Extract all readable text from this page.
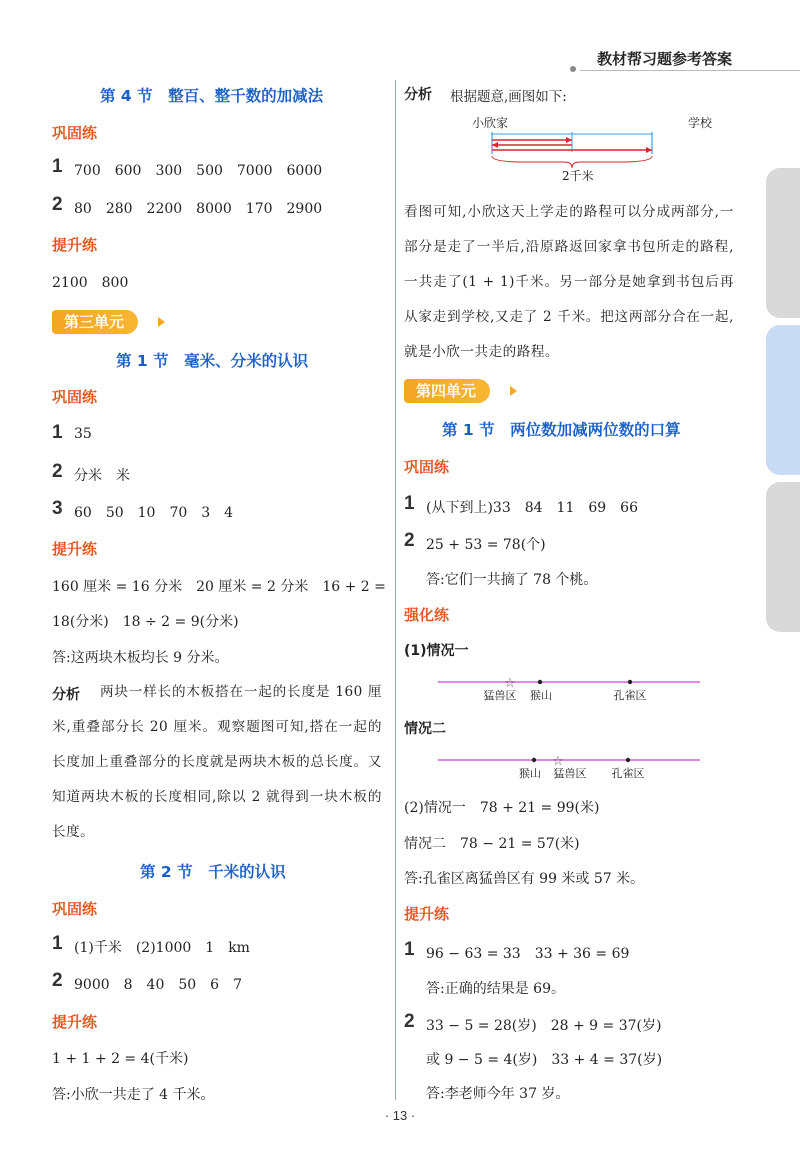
教材帮习题参考答案
第 4 节　整百、整千数的加减法
巩固练
1 700　600　300　500　7000　6000
2 80　280　2200　8000　170　2900
提升练
2100　800
第三单元
第 1 节　毫米、分米的认识
巩固练
1 35
2 分米　米
3 60　50　10　70　3　4
提升练
160 厘米 = 16 分米　20 厘米 = 2 分米　16 + 2 =
18(分米)　18 ÷ 2 = 9(分米)
答:这两块木板均长 9 分米。
分析	两块一样长的木板搭在一起的长度是 160 厘米,重叠部分长 20 厘米。观察题图可知,搭在一起的长度加上重叠部分的长度就是两块木板的总长度。又知道两块木板的长度相同,除以 2 就得到一块木板的长度。
第 2 节　千米的认识
巩固练
1 (1)千米　(2)1000　1　km
2 9000　8　40　50　6　7
提升练
1 + 1 + 2 = 4(千米)
答:小欣一共走了 4 千米。
分析 根据题意,画图如下:
小欣家	学校
2千米
看图可知,小欣这天上学走的路程可以分成两部分,一部分是走了一半后,沿原路返回家拿书包所走的路程,一共走了(1 + 1)千米。另一部分是她拿到书包后再从家走到学校,又走了 2 千米。把这两部分合在一起,就是小欣一共走的路程。
第四单元
第 1 节　两位数加减两位数的口算
巩固练
1 (从下到上)33　84　11　69　66
2 25 + 53 = 78(个)
答:它们一共摘了 78 个桃。
强化练
(1)情况一
☆
猛兽区 猴山	孔雀区
情况二
☆
猴山 猛兽区 孔雀区
(2)情况一　78 + 21 = 99(米)
情况二　78 − 21 = 57(米)
答:孔雀区离猛兽区有 99 米或 57 米。
提升练
1 96 − 63 = 33　33 + 36 = 69
答:正确的结果是 69。
2 33 − 5 = 28(岁)　28 + 9 = 37(岁)
或 9 − 5 = 4(岁)　33 + 4 = 37(岁)
答:李老师今年 37 岁。
· 13 ·
